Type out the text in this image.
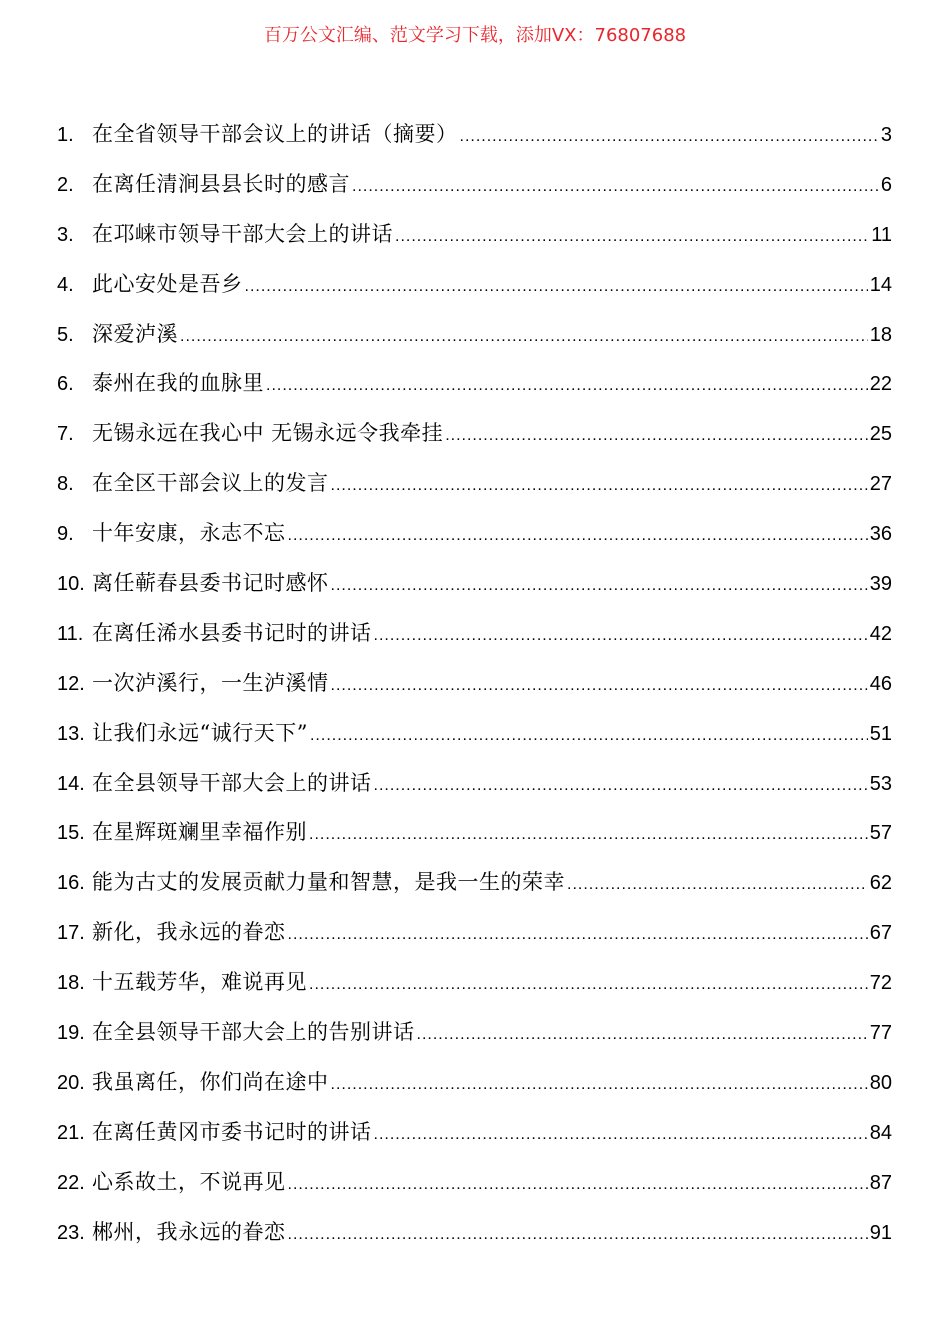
百万公文汇编、范文学习下载，添加VX：76807688
1. 在全省领导干部会议上的讲话（摘要） .....	3
2. 在离任清涧县县长时的感言 .....	6
3. 在邛崃市领导干部大会上的讲话 .....	11
4. 此心安处是吾乡 .....	14
5. 深爱泸溪 .....	18
6. 泰州在我的血脉里 .....	22
7. 无锡永远在我心中 无锡永远令我牵挂 .....	25
8. 在全区干部会议上的发言 .....	27
9. 十年安康，永志不忘 .....	36
10. 离任蕲春县委书记时感怀 .....	39
11. 在离任浠水县委书记时的讲话 .....	42
12. 一次泸溪行，一生泸溪情 .....	46
13. 让我们永远“诚行天下” .....	51
14. 在全县领导干部大会上的讲话 .....	53
15. 在星辉斑斓里幸福作别 .....	57
16. 能为古丈的发展贡献力量和智慧，是我一生的荣幸 .....	62
17. 新化，我永远的眷恋 .....	67
18. 十五载芳华，难说再见 .....	72
19. 在全县领导干部大会上的告别讲话 .....	77
20. 我虽离任，你们尚在途中 .....	80
21. 在离任黄冈市委书记时的讲话 .....	84
22. 心系故土，不说再见 .....	87
23. 郴州，我永远的眷恋 .....	91
